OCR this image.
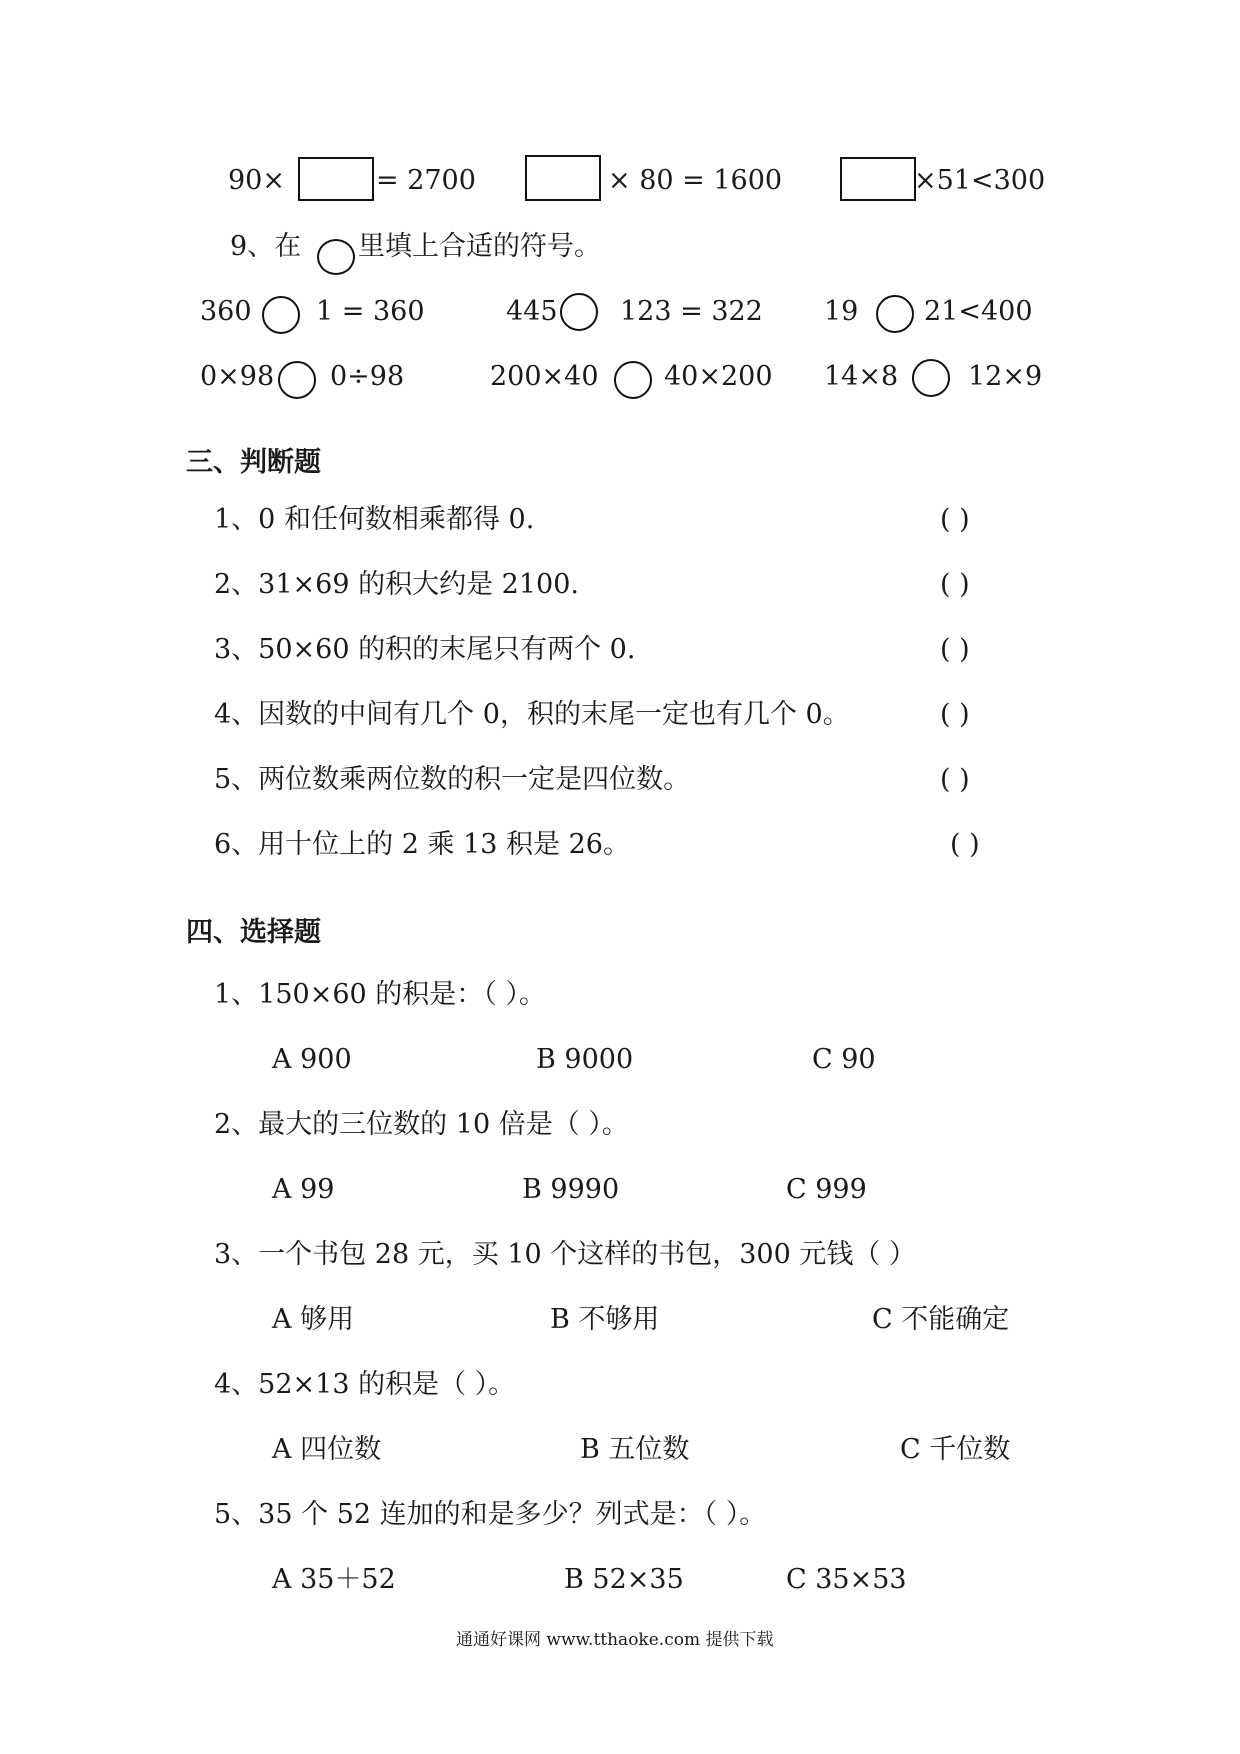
90×	= 2700	× 80 = 1600	×51<300
9、在 里填上合适的符号。
360 1 = 360	445 123 = 322 19 21<400
0×98 0÷98	200×40 40×200 14×8	12×9
三、判断题
1、0 和任何数相乘都得 0.	( )
2、31×69 的积大约是 2100.	( )
3、50×60 的积的末尾只有两个 0.	( )
4、因数的中间有几个 0，积的末尾一定也有几个 0。	( )
5、两位数乘两位数的积一定是四位数。	( )
6、用十位上的 2 乘 13 积是 26。	( )
四、选择题
1、150×60 的积是：（ ）。
A 900	B 9000	C 90
2、最大的三位数的 10 倍是（ ）。
A 99	B 9990	C 999
3、一个书包 28 元，买 10 个这样的书包，300 元钱（ ）
A 够用	B 不够用	C 不能确定
4、52×13 的积是（ ）。
A 四位数	B 五位数	C 千位数
5、35 个 52 连加的和是多少？列式是：（ ）。
A 35＋52	B 52×35	C 35×53
通通好课网 www.tthaoke.com 提供下载
